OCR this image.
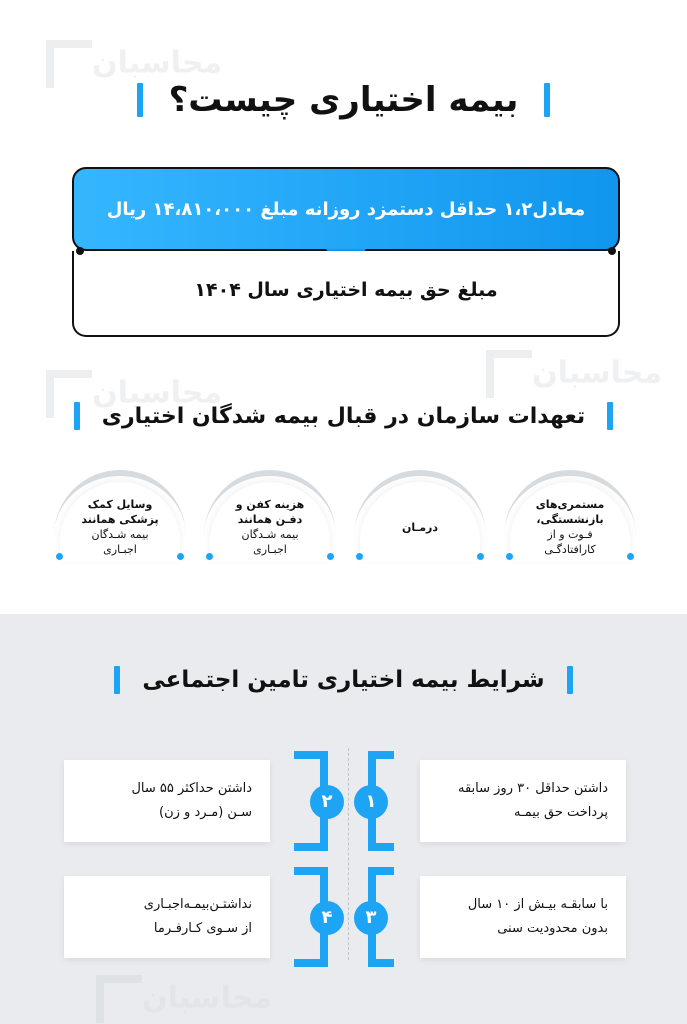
محاسبان
محاسبان
محاسبان
بیمه اختیاری چیست؟
معادل۱،۲ حداقل دستمزد روزانه مبلغ ۱۴،۸۱۰،۰۰۰ ریال
مبلغ حق بیمه اختیاری سال ۱۴۰۴
تعهدات سازمان در قبال بیمه شدگان اختیاری
مستمری‌های
بازنشستگی،
فـوت و از
کارافتادگـی
درمـان
هزینه کفن و
دفـن همانند
بیمه شـدگان
اجبـاری
وسایل کمک
پزشکی همانند
بیمه شـدگان
اجبـاری
شرایط بیمه اختیاری تامین اجتماعی
داشتن حداقل ۳۰ روز سابقه
پرداخت حق بیمـه
۱
داشتن حداکثر ۵۵ سال
سـن (مـرد و زن)
۲
با سابقـه بیـش از ۱۰ سال
بدون محدودیت سنی
۳
نداشتـن‌بیمـه‌اجبـاری
از سـوی کـارفـرما
۴
محاسبان
